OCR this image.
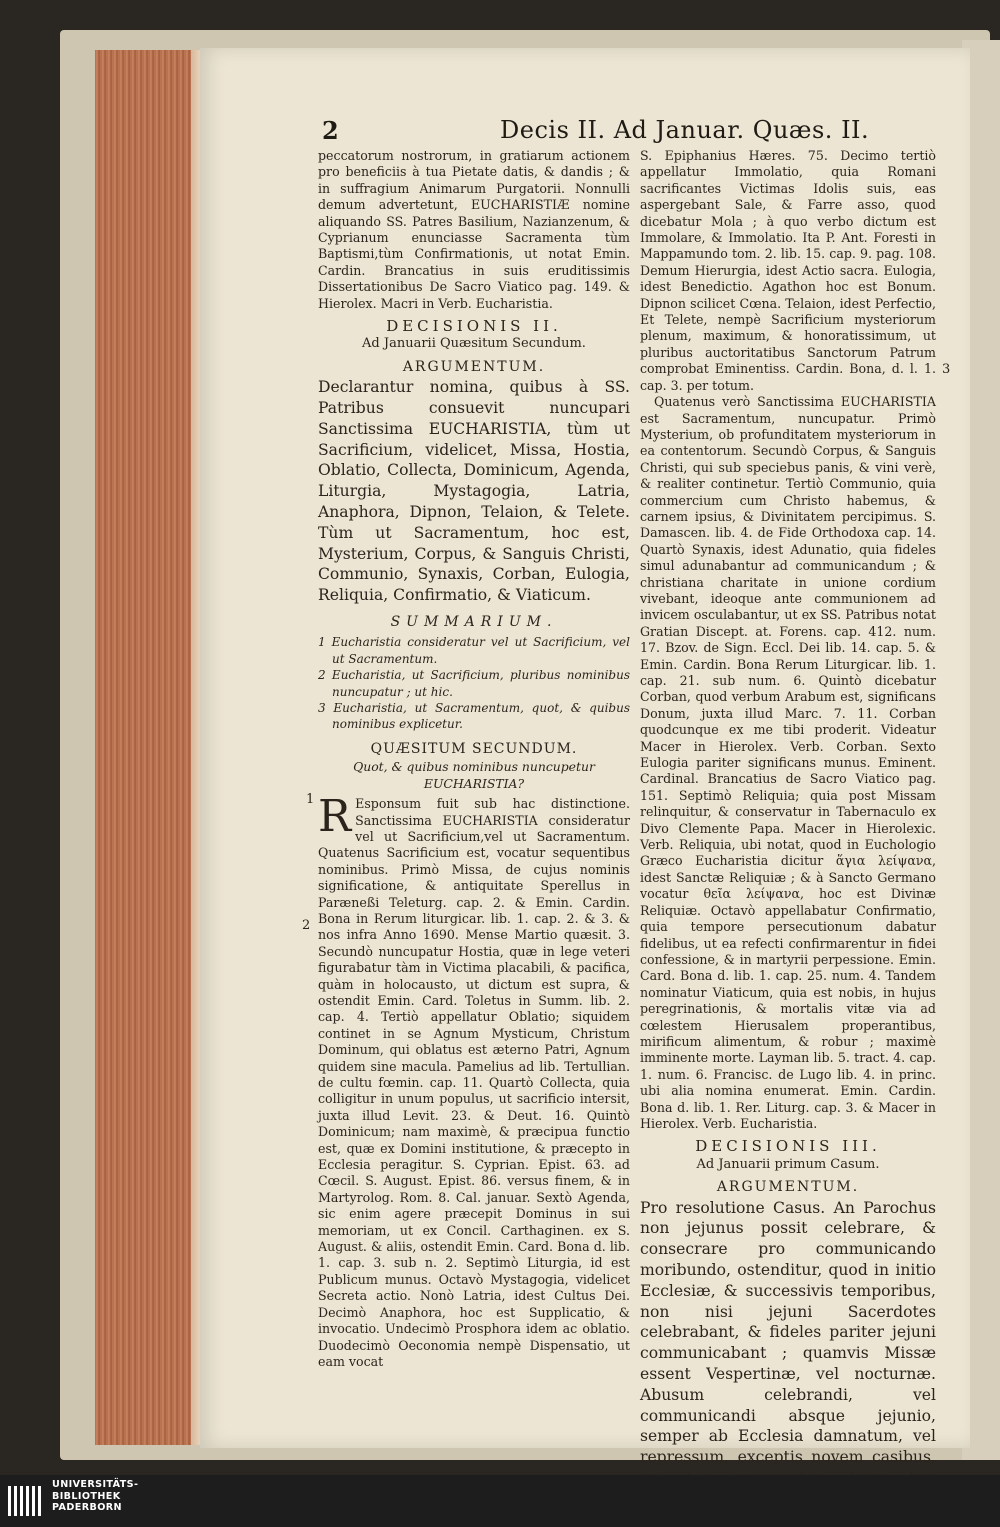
2	Decis II. Ad Januar. Quæs. II.

peccatorum nostrorum, in gratiarum actionem pro beneficiis à tua Pietate datis, & dandis ; & in suffragium Animarum Purgatorii. Nonnulli demum advertetunt, EUCHARISTIÆ nomine aliquando SS. Patres Basilium, Nazianzenum, & Cyprianum enunciasse Sacramenta tùm Baptismi,tùm Confirmationis, ut notat Emin. Cardin. Brancatius in suis eruditissimis Dissertationibus De Sacro Viatico pag. 149. & Hierolex. Macri in Verb. Eucharistia.

DECISIONIS II.
Ad Januarii Quæsitum Secundum.
ARGUMENTUM.

Declarantur nomina, quibus à SS. Patribus consuevit nuncupari Sanctissima EUCHARISTIA, tùm ut Sacrificium, videlicet, Missa, Hostia, Oblatio, Collecta, Dominicum, Agenda, Liturgia, Mystagogia, Latria, Anaphora, Dipnon, Telaion, & Telete. Tùm ut Sacramentum, hoc est, Mysterium, Corpus, & Sanguis Christi, Communio, Synaxis, Corban, Eulogia, Reliquia, Confirmatio, & Viaticum.

SUMMARIUM.

1 Eucharistia consideratur vel ut Sacrificium, vel ut Sacramentum.

2 Eucharistia, ut Sacrificium, pluribus nominibus nuncupatur ; ut hic.

3 Eucharistia, ut Sacramentum, quot, & quibus nominibus explicetur.

QUÆSITUM SECUNDUM.
Quot, & quibus nominibus nuncupetur EUCHARISTIA?

R Esponsum fuit sub hac distinctione. Sanctissima EUCHARISTIA consideratur vel ut Sacrificium,vel ut Sacramentum. Quatenus Sacrificium est, vocatur sequentibus nominibus. Primò Missa, de cujus nominis significatione, & antiquitate Sperellus in Paræneßi Teleturg. cap. 2. & Emin. Cardin. Bona in Rerum liturgicar. lib. 1. cap. 2. & 3. & nos infra Anno 1690. Mense Martio quæsit. 3. Secundò nuncupatur Hostia, quæ in lege veteri figurabatur tàm in Victima placabili, & pacifica, quàm in holocausto, ut dictum est supra, & ostendit Emin. Card. Toletus in Summ. lib. 2. cap. 4. Tertiò appellatur Oblatio; siquidem continet in se Agnum Mysticum, Christum Dominum, qui oblatus est æterno Patri, Agnum quidem sine macula. Pamelius ad lib. Tertullian. de cultu fœmin. cap. 11. Quartò Collecta, quia colligitur in unum populus, ut sacrificio intersit, juxta illud Levit. 23. & Deut. 16. Quintò Dominicum; nam maximè, & præcipua functio est, quæ ex Domini institutione, & præcepto in Ecclesia peragitur. S. Cyprian. Epist. 63. ad Cœcil. S. August. Epist. 86. versus finem, & in Martyrolog. Rom. 8. Cal. januar. Sextò Agenda, sic enim agere præcepit Dominus in sui memoriam, ut ex Concil. Carthaginen. ex S. August. & aliis, ostendit Emin. Card. Bona d. lib. 1. cap. 3. sub n. 2. Septimò Liturgia, id est Publicum munus. Octavò Mystagogia, videlicet Secreta actio. Nonò Latria, idest Cultus Dei. Decimò Anaphora, hoc est Supplicatio, & invocatio. Undecimò Prosphora idem ac oblatio. Duodecimò Oeconomia nempè Dispensatio, ut eam vocat

S. Epiphanius Hæres. 75. Decimo tertiò appellatur Immolatio, quia Romani sacrificantes Victimas Idolis suis, eas aspergebant Sale, & Farre asso, quod dicebatur Mola ; à quo verbo dictum est Immolare, & Immolatio. Ita P. Ant. Foresti in Mappamundo tom. 2. lib. 15. cap. 9. pag. 108. Demum Hierurgia, idest Actio sacra. Eulogia, idest Benedictio. Agathon hoc est Bonum. Dipnon scilicet Cœna. Telaion, idest Perfectio, Et Telete, nempè Sacrificium mysteriorum plenum, maximum, & honoratissimum, ut pluribus auctoritatibus Sanctorum Patrum comprobat Eminentiss. Cardin. Bona, d. l. 1. cap. 3. per totum.

Quatenus verò Sanctissima EUCHARISTIA est Sacramentum, nuncupatur. Primò Mysterium, ob profunditatem mysteriorum in ea contentorum. Secundò Corpus, & Sanguis Christi, qui sub speciebus panis, & vini verè, & realiter continetur. Tertiò Communio, quia commercium cum Christo habemus, & carnem ipsius, & Divinitatem percipimus. S. Damascen. lib. 4. de Fide Orthodoxa cap. 14. Quartò Synaxis, idest Adunatio, quia fideles simul adunabantur ad communicandum ; & christiana charitate in unione cordium vivebant, ideoque ante communionem ad invicem osculabantur, ut ex SS. Patribus notat Gratian Discept. at. Forens. cap. 412. num. 17. Bzov. de Sign. Eccl. Dei lib. 14. cap. 5. & Emin. Cardin. Bona Rerum Liturgicar. lib. 1. cap. 21. sub num. 6. Quintò dicebatur Corban, quod verbum Arabum est, significans Donum, juxta illud Marc. 7. 11. Corban quodcunque ex me tibi proderit. Videatur Macer in Hierolex. Verb. Corban. Sexto Eulogia pariter significans munus. Eminent. Cardinal. Brancatius de Sacro Viatico pag. 151. Septimò Reliquia; quia post Missam relinquitur, & conservatur in Tabernaculo ex Divo Clemente Papa. Macer in Hierolexic. Verb. Reliquia, ubi notat, quod in Euchologio Græco Eucharistia dicitur ἅγια λείψανα, idest Sanctæ Reliquiæ ; & à Sancto Germano vocatur θεῖα λείψανα, hoc est Divinæ Reliquiæ. Octavò appellabatur Confirmatio, quia tempore persecutionum dabatur fidelibus, ut ea refecti confirmarentur in fidei confessione, & in martyrii perpessione. Emin. Card. Bona d. lib. 1. cap. 25. num. 4. Tandem nominatur Viaticum, quia est nobis, in hujus peregrinationis, & mortalis vitæ via ad cœlestem Hierusalem properantibus, mirificum alimentum, & robur ; maximè imminente morte. Layman lib. 5. tract. 4. cap. 1. num. 6. Francisc. de Lugo lib. 4. in princ. ubi alia nomina enumerat. Emin. Cardin. Bona d. lib. 1. Rer. Liturg. cap. 3. & Macer in Hierolex. Verb. Eucharistia.

DECISIONIS III.
Ad Januarii primum Casum.
ARGUMENTUM.

Pro resolutione Casus. An Parochus non jejunus possit celebrare, & consecrare pro communicando moribundo, ostenditur, quod in initio Ecclesiæ, & successivis temporibus, non nisi jejuni Sacerdotes celebrabant, & fideles pariter jejuni communicabant ; quamvis Missæ essent Vespertinæ, vel nocturnæ. Abusum celebrandi, vel communicandi absque jejunio, semper ab Ecclesia damnatum, vel repressum, exceptis novem casibus,

1
2
3
UNIVERSITÄTS-
BIBLIOTHEK
PADERBORN
